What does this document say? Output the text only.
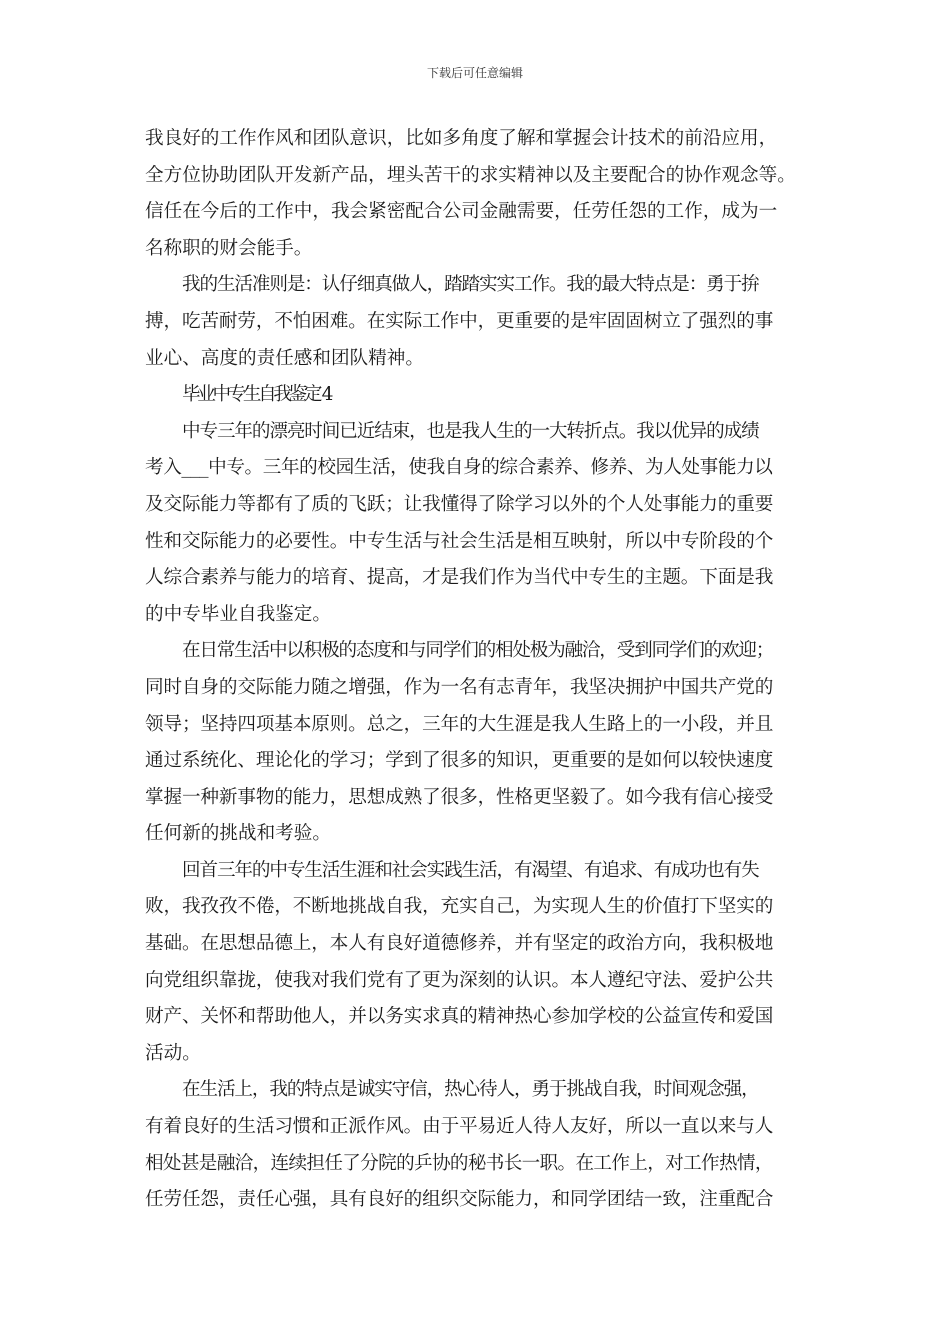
下载后可任意编辑

我良好的工作作风和团队意识，比如多角度了解和掌握会计技术的前沿应用，
全方位协助团队开发新产品，埋头苦干的求实精神以及主要配合的协作观念等。
信任在今后的工作中，我会紧密配合公司金融需要，任劳任怨的工作，成为一
名称职的财会能手。

我的生活准则是：认仔细真做人，踏踏实实工作。我的最大特点是：勇于拚
搏，吃苦耐劳，不怕困难。在实际工作中，更重要的是牢固固树立了强烈的事
业心、高度的责任感和团队精神。

毕业中专生自我鉴定 4

中专三年的漂亮时间已近结束，也是我人生的一大转折点。我以优异的成绩
考入___中专。三年的校园生活，使我自身的综合素养、修养、为人处事能力以
及交际能力等都有了质的飞跃；让我懂得了除学习以外的个人处事能力的重要
性和交际能力的必要性。中专生活与社会生活是相互映射，所以中专阶段的个
人综合素养与能力的培育、提高，才是我们作为当代中专生的主题。下面是我
的中专毕业自我鉴定。

在日常生活中以积极的态度和与同学们的相处极为融洽，受到同学们的欢迎；
同时自身的交际能力随之增强，作为一名有志青年，我坚决拥护中国共产党的
领导；坚持四项基本原则。总之，三年的大生涯是我人生路上的一小段，并且
通过系统化、理论化的学习；学到了很多的知识，更重要的是如何以较快速度
掌握一种新事物的能力，思想成熟了很多，性格更坚毅了。如今我有信心接受
任何新的挑战和考验。

回首三年的中专生活生涯和社会实践生活，有渴望、有追求、有成功也有失
败，我孜孜不倦，不断地挑战自我，充实自己，为实现人生的价值打下坚实的
基础。在思想品德上，本人有良好道德修养，并有坚定的政治方向，我积极地
向党组织靠拢，使我对我们党有了更为深刻的认识。本人遵纪守法、爱护公共
财产、关怀和帮助他人，并以务实求真的精神热心参加学校的公益宣传和爱国
活动。

在生活上，我的特点是诚实守信，热心待人，勇于挑战自我，时间观念强，
有着良好的生活习惯和正派作风。由于平易近人待人友好，所以一直以来与人
相处甚是融洽，连续担任了分院的乒协的秘书长一职。在工作上，对工作热情，
任劳任怨，责任心强，具有良好的组织交际能力，和同学团结一致，注重配合
